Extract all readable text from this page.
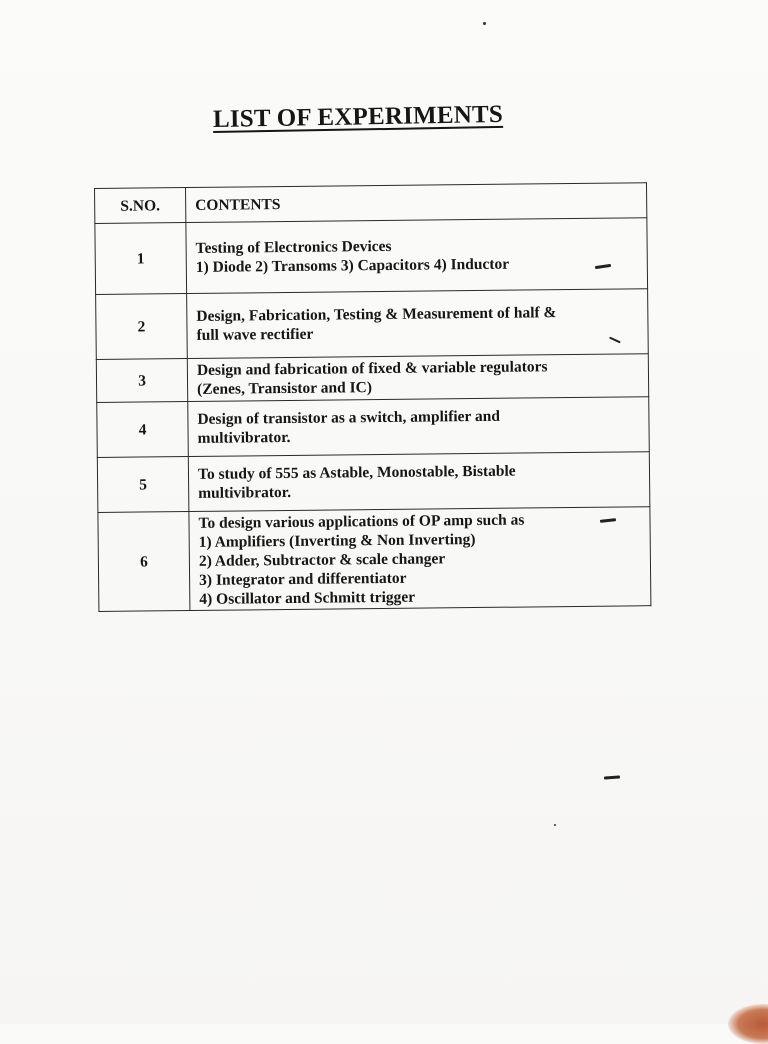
LIST OF EXPERIMENTS
S.NO.	CONTENTS
1	Testing of Electronics Devices
1) Diode 2) Transoms 3) Capacitors 4) Inductor

2	Design, Fabrication, Testing & Measurement of half &
full wave rectifier

3	Design and fabrication of fixed & variable regulators
(Zenes, Transistor and IC)

4	Design of transistor as a switch, amplifier and
multivibrator.

5	To study of 555 as Astable, Monostable, Bistable
multivibrator.

6	To design various applications of OP amp such as
1) Amplifiers (Inverting & Non Inverting)
2) Adder, Subtractor & scale changer
3) Integrator and differentiator
4) Oscillator and Schmitt trigger
